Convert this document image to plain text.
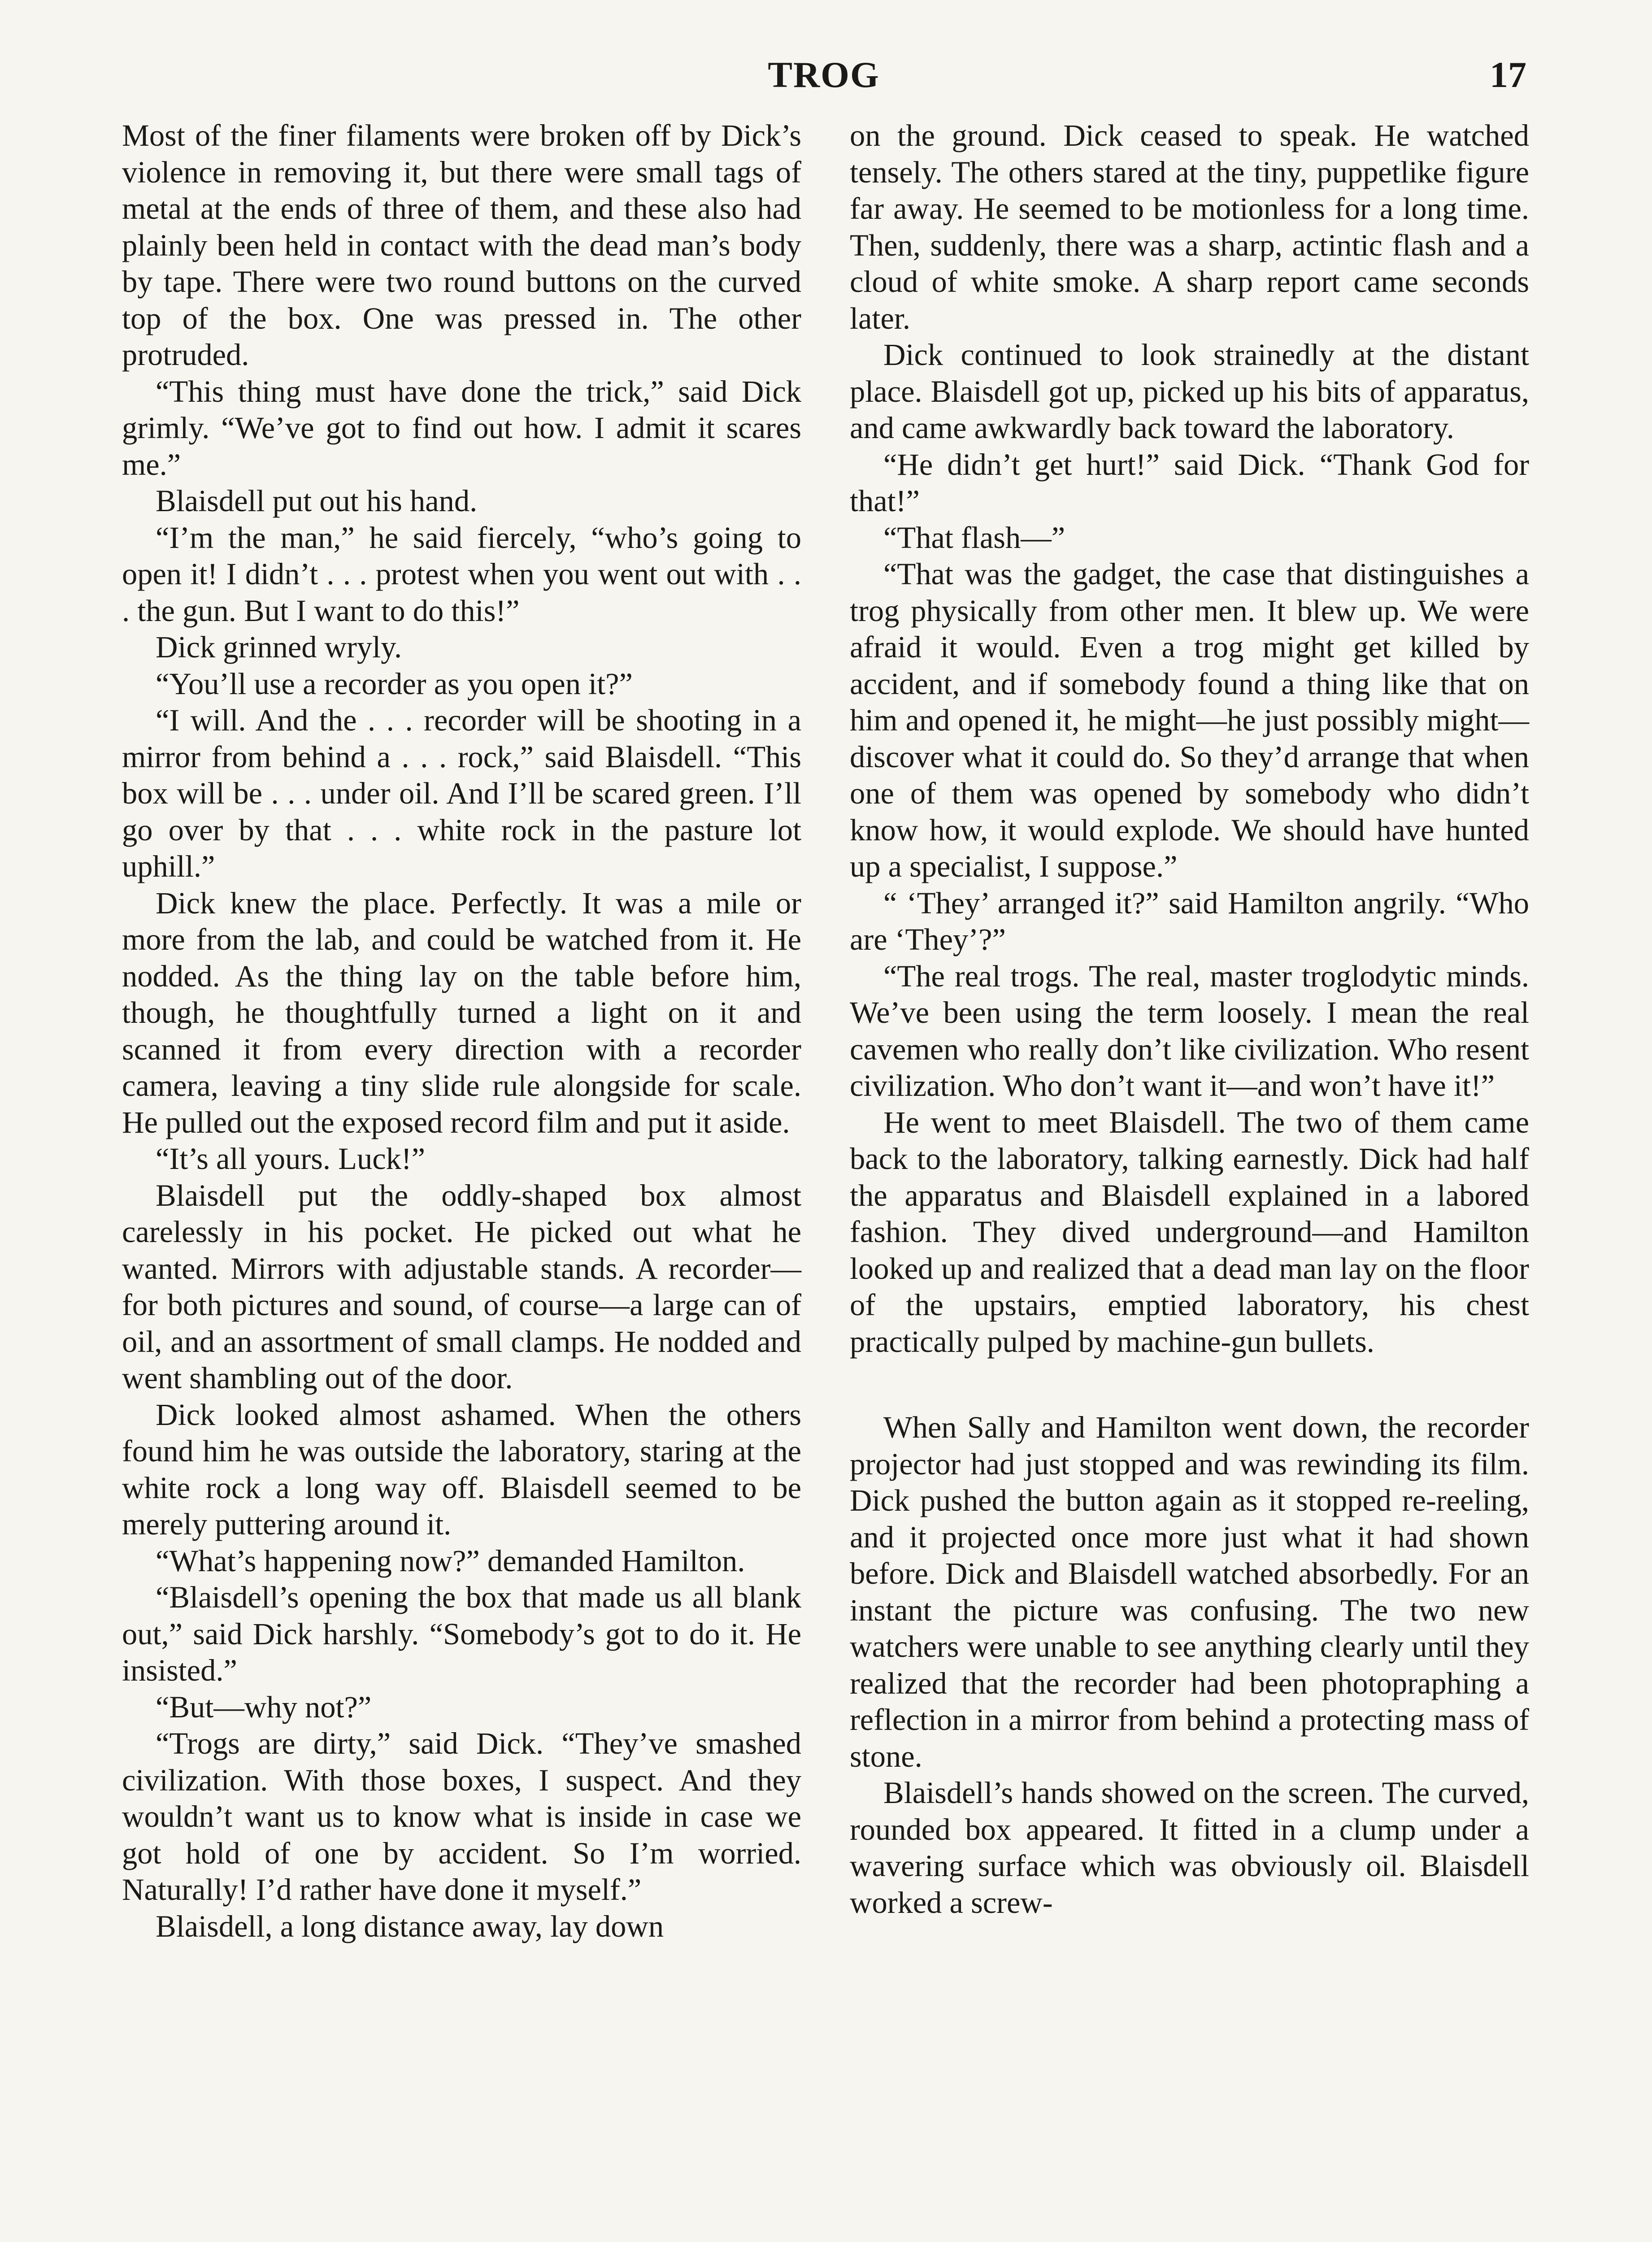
TROG	17

Most of the finer filaments were broken off by Dick’s violence in removing it, but there were small tags of metal at the ends of three of them, and these also had plainly been held in contact with the dead man’s body by tape. There were two round buttons on the curved top of the box. One was pressed in. The other protruded.

“This thing must have done the trick,” said Dick grimly. “We’ve got to find out how. I admit it scares me.”

Blaisdell put out his hand.

“I’m the man,” he said fiercely, “who’s going to open it! I didn’t . . . protest when you went out with . . . the gun. But I want to do this!”

Dick grinned wryly.

“You’ll use a recorder as you open it?”

“I will. And the . . . recorder will be shooting in a mirror from behind a . . . rock,” said Blaisdell. “This box will be . . . under oil. And I’ll be scared green. I’ll go over by that . . . white rock in the pasture lot uphill.”

Dick knew the place. Perfectly. It was a mile or more from the lab, and could be watched from it. He nodded. As the thing lay on the table before him, though, he thoughtfully turned a light on it and scanned it from every direction with a recorder camera, leaving a tiny slide rule alongside for scale. He pulled out the exposed record film and put it aside.

“It’s all yours. Luck!”

Blaisdell put the oddly-shaped box almost carelessly in his pocket. He picked out what he wanted. Mirrors with adjustable stands. A recorder—for both pictures and sound, of course—a large can of oil, and an assortment of small clamps. He nodded and went shambling out of the door.

Dick looked almost ashamed. When the others found him he was outside the laboratory, staring at the white rock a long way off. Blaisdell seemed to be merely puttering around it.

“What’s happening now?” demanded Hamilton.

“Blaisdell’s opening the box that made us all blank out,” said Dick harshly. “Somebody’s got to do it. He insisted.”

“But—why not?”

“Trogs are dirty,” said Dick. “They’ve smashed civilization. With those boxes, I suspect. And they wouldn’t want us to know what is inside in case we got hold of one by accident. So I’m worried. Naturally! I’d rather have done it myself.”

Blaisdell, a long distance away, lay down

on the ground. Dick ceased to speak. He watched tensely. The others stared at the tiny, puppetlike figure far away. He seemed to be motionless for a long time. Then, suddenly, there was a sharp, actintic flash and a cloud of white smoke. A sharp report came seconds later.

Dick continued to look strainedly at the distant place. Blaisdell got up, picked up his bits of apparatus, and came awkwardly back toward the laboratory.

“He didn’t get hurt!” said Dick. “Thank God for that!”

“That flash—”

“That was the gadget, the case that distinguishes a trog physically from other men. It blew up. We were afraid it would. Even a trog might get killed by accident, and if somebody found a thing like that on him and opened it, he might—he just possibly might—discover what it could do. So they’d arrange that when one of them was opened by somebody who didn’t know how, it would explode. We should have hunted up a specialist, I suppose.”

“ ‘They’ arranged it?” said Hamilton angrily. “Who are ‘They’?”

“The real trogs. The real, master troglodytic minds. We’ve been using the term loosely. I mean the real cavemen who really don’t like civilization. Who resent civilization. Who don’t want it—and won’t have it!”

He went to meet Blaisdell. The two of them came back to the laboratory, talking earnestly. Dick had half the apparatus and Blaisdell explained in a labored fashion. They dived underground—and Hamilton looked up and realized that a dead man lay on the floor of the upstairs, emptied laboratory, his chest practically pulped by machine-gun bullets.

When Sally and Hamilton went down, the recorder projector had just stopped and was rewinding its film. Dick pushed the button again as it stopped re-reeling, and it projected once more just what it had shown before. Dick and Blaisdell watched absorbedly. For an instant the picture was confusing. The two new watchers were unable to see anything clearly until they realized that the recorder had been photopraphing a reflection in a mirror from behind a protecting mass of stone.

Blaisdell’s hands showed on the screen. The curved, rounded box appeared. It fitted in a clump under a wavering surface which was obviously oil. Blaisdell worked a screw-
